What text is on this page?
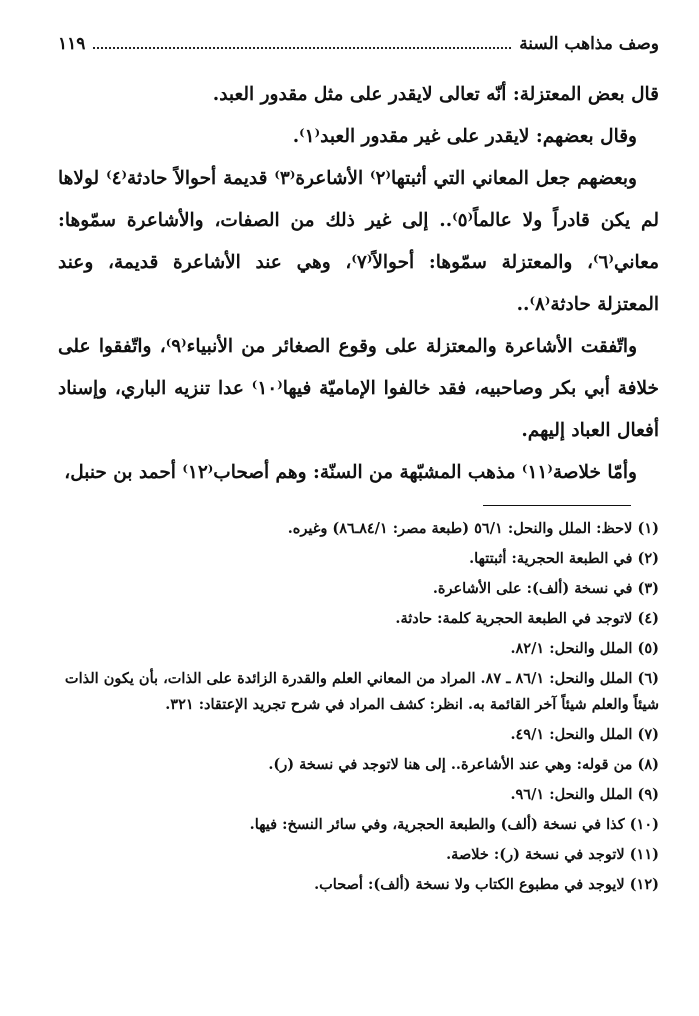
وصف مذاهب السنة
١١٩

قال بعض المعتزلة: أنّه تعالى لايقدر على مثل مقدور العبد.

وقال بعضهم: لايقدر على غير مقدور العبد⁽١⁾.

وبعضهم جعل المعاني التي أثبتها⁽٢⁾ الأشاعرة⁽٣⁾ قديمة أحوالاً حادثة⁽٤⁾ لولاها لم يكن قادراً ولا عالماً⁽٥⁾.. إلى غير ذلك من الصفات، والأشاعرة سمّوها: معاني⁽٦⁾، والمعتزلة سمّوها: أحوالاً⁽٧⁾، وهي عند الأشاعرة قديمة، وعند المعتزلة حادثة⁽٨⁾..

واتّفقت الأشاعرة والمعتزلة على وقوع الصغائر من الأنبياء⁽٩⁾، واتّفقوا على خلافة أبي بكر وصاحبيه، فقد خالفوا الإماميّة فيها⁽١٠⁾ عدا تنزيه الباري، وإسناد أفعال العباد إليهم.

وأمّا خلاصة⁽١١⁾ مذهب المشبّهة من السنّة: وهم أصحاب⁽١٢⁾ أحمد بن حنبل،

(١) لاحظ: الملل والنحل: ٥٦/١ (طبعة مصر: ٨٤/١ـ٨٦) وغيره.

(٢) في الطبعة الحجرية: أثبتتها.

(٣) في نسخة (ألف): على الأشاعرة.

(٤) لاتوجد في الطبعة الحجرية كلمة: حادثة.

(٥) الملل والنحل: ٨٢/١.

(٦) الملل والنحل: ٨٦/١ ـ ٨٧. المراد من المعاني العلم والقدرة الزائدة على الذات، بأن يكون الذات شيئاً والعلم شيئاً آخر القائمة به. انظر: كشف المراد في شرح تجريد الإعتقاد: ٣٢١.

(٧) الملل والنحل: ٤٩/١.

(٨) من قوله: وهي عند الأشاعرة.. إلى هنا لاتوجد في نسخة (ر).

(٩) الملل والنحل: ٩٦/١.

(١٠) كذا في نسخة (ألف) والطبعة الحجرية، وفي سائر النسخ: فيها.

(١١) لاتوجد في نسخة (ر): خلاصة.

(١٢) لايوجد في مطبوع الكتاب ولا نسخة (ألف): أصحاب.
